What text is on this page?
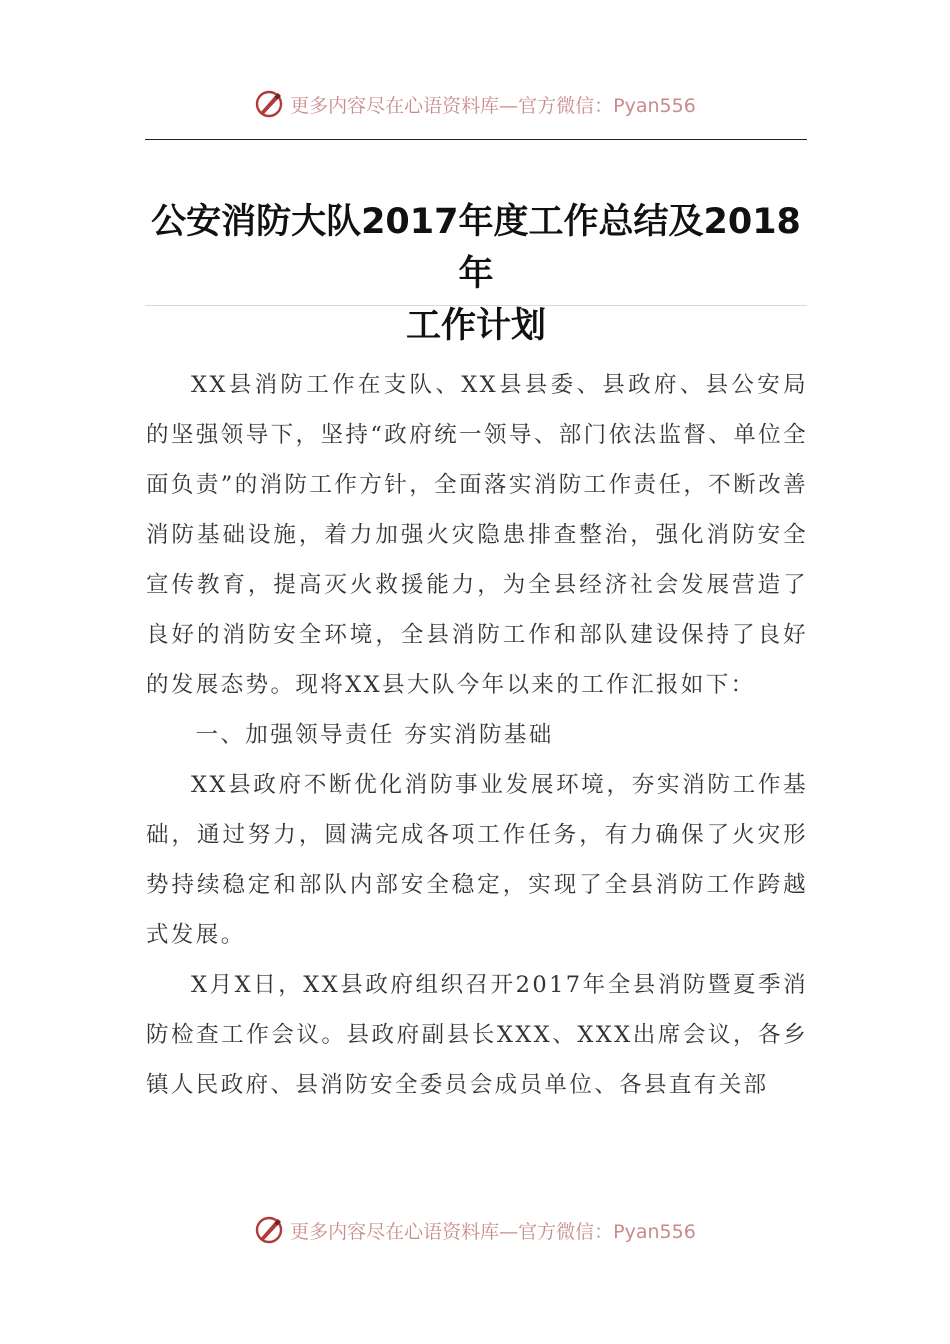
更多内容尽在心语资料库—官方微信：Pyan556
公安消防大队2017年度工作总结及2018年
工作计划

XX县消防工作在支队、XX县县委、县政府、县公安局的坚强领导下，坚持“政府统一领导、部门依法监督、单位全面负责”的消防工作方针，全面落实消防工作责任，不断改善消防基础设施，着力加强火灾隐患排查整治，强化消防安全宣传教育，提高灭火救援能力，为全县经济社会发展营造了良好的消防安全环境，全县消防工作和部队建设保持了良好的发展态势。现将XX县大队今年以来的工作汇报如下：

一、加强领导责任 夯实消防基础

XX县政府不断优化消防事业发展环境，夯实消防工作基础，通过努力，圆满完成各项工作任务，有力确保了火灾形势持续稳定和部队内部安全稳定，实现了全县消防工作跨越式发展。

X月X日，XX县政府组织召开2017年全县消防暨夏季消防检查工作会议。县政府副县长XXX、XXX出席会议，各乡镇人民政府、县消防安全委员会成员单位、各县直有关部

更多内容尽在心语资料库—官方微信：Pyan556
